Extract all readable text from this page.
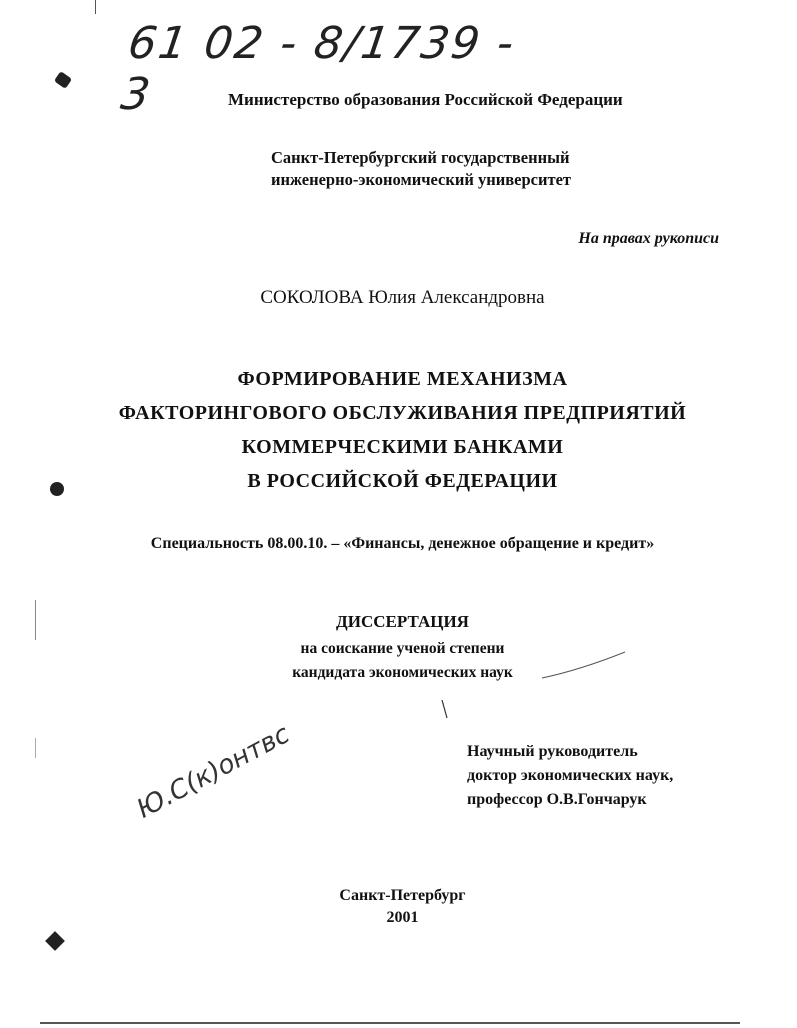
61 02 - 8/1739 - 3	Министерство образования Российской Федерации
Санкт-Петербургский государственный
инженерно-экономический университет
На правах рукописи
СОКОЛОВА Юлия Александровна
ФОРМИРОВАНИЕ МЕХАНИЗМА
ФАКТОРИНГОВОГО ОБСЛУЖИВАНИЯ ПРЕДПРИЯТИЙ
КОММЕРЧЕСКИМИ БАНКАМИ
В РОССИЙСКОЙ ФЕДЕРАЦИИ
Специальность 08.00.10. – «Финансы, денежное обращение и кредит»
ДИССЕРТАЦИЯ
на соискание ученой степени
кандидата экономических наук
Научный руководитель
доктор экономических наук,
профессор О.В.Гончарук
Ю.С(к)онтвс
Санкт-Петербург
2001
